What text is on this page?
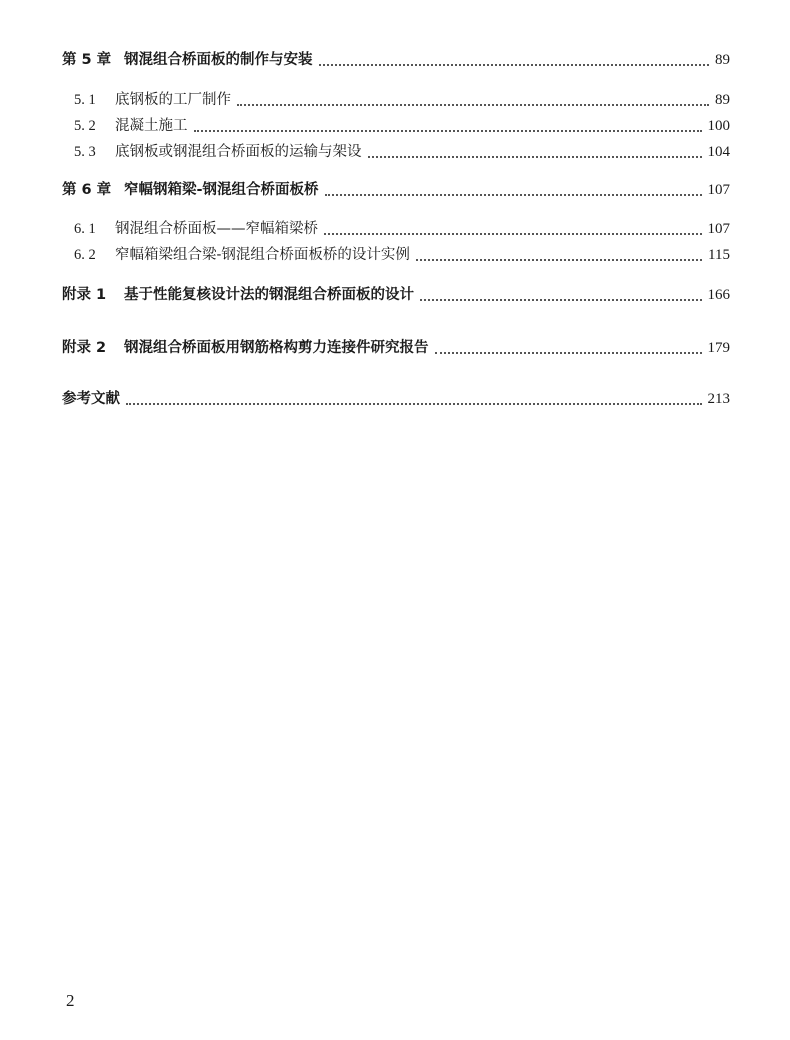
第 5 章 钢混组合桥面板的制作与安装	89
5. 1	底钢板的工厂制作	89
5. 2	混凝土施工	100
5. 3	底钢板或钢混组合桥面板的运输与架设	104
第 6 章 窄幅钢箱梁-钢混组合桥面板桥	107
6. 1	钢混组合桥面板——窄幅箱梁桥	107
6. 2	窄幅箱梁组合梁-钢混组合桥面板桥的设计实例	115
附录 1	基于性能复核设计法的钢混组合桥面板的设计	166
附录 2	钢混组合桥面板用钢筋格构剪力连接件研究报告	179
参考文献	213
2
